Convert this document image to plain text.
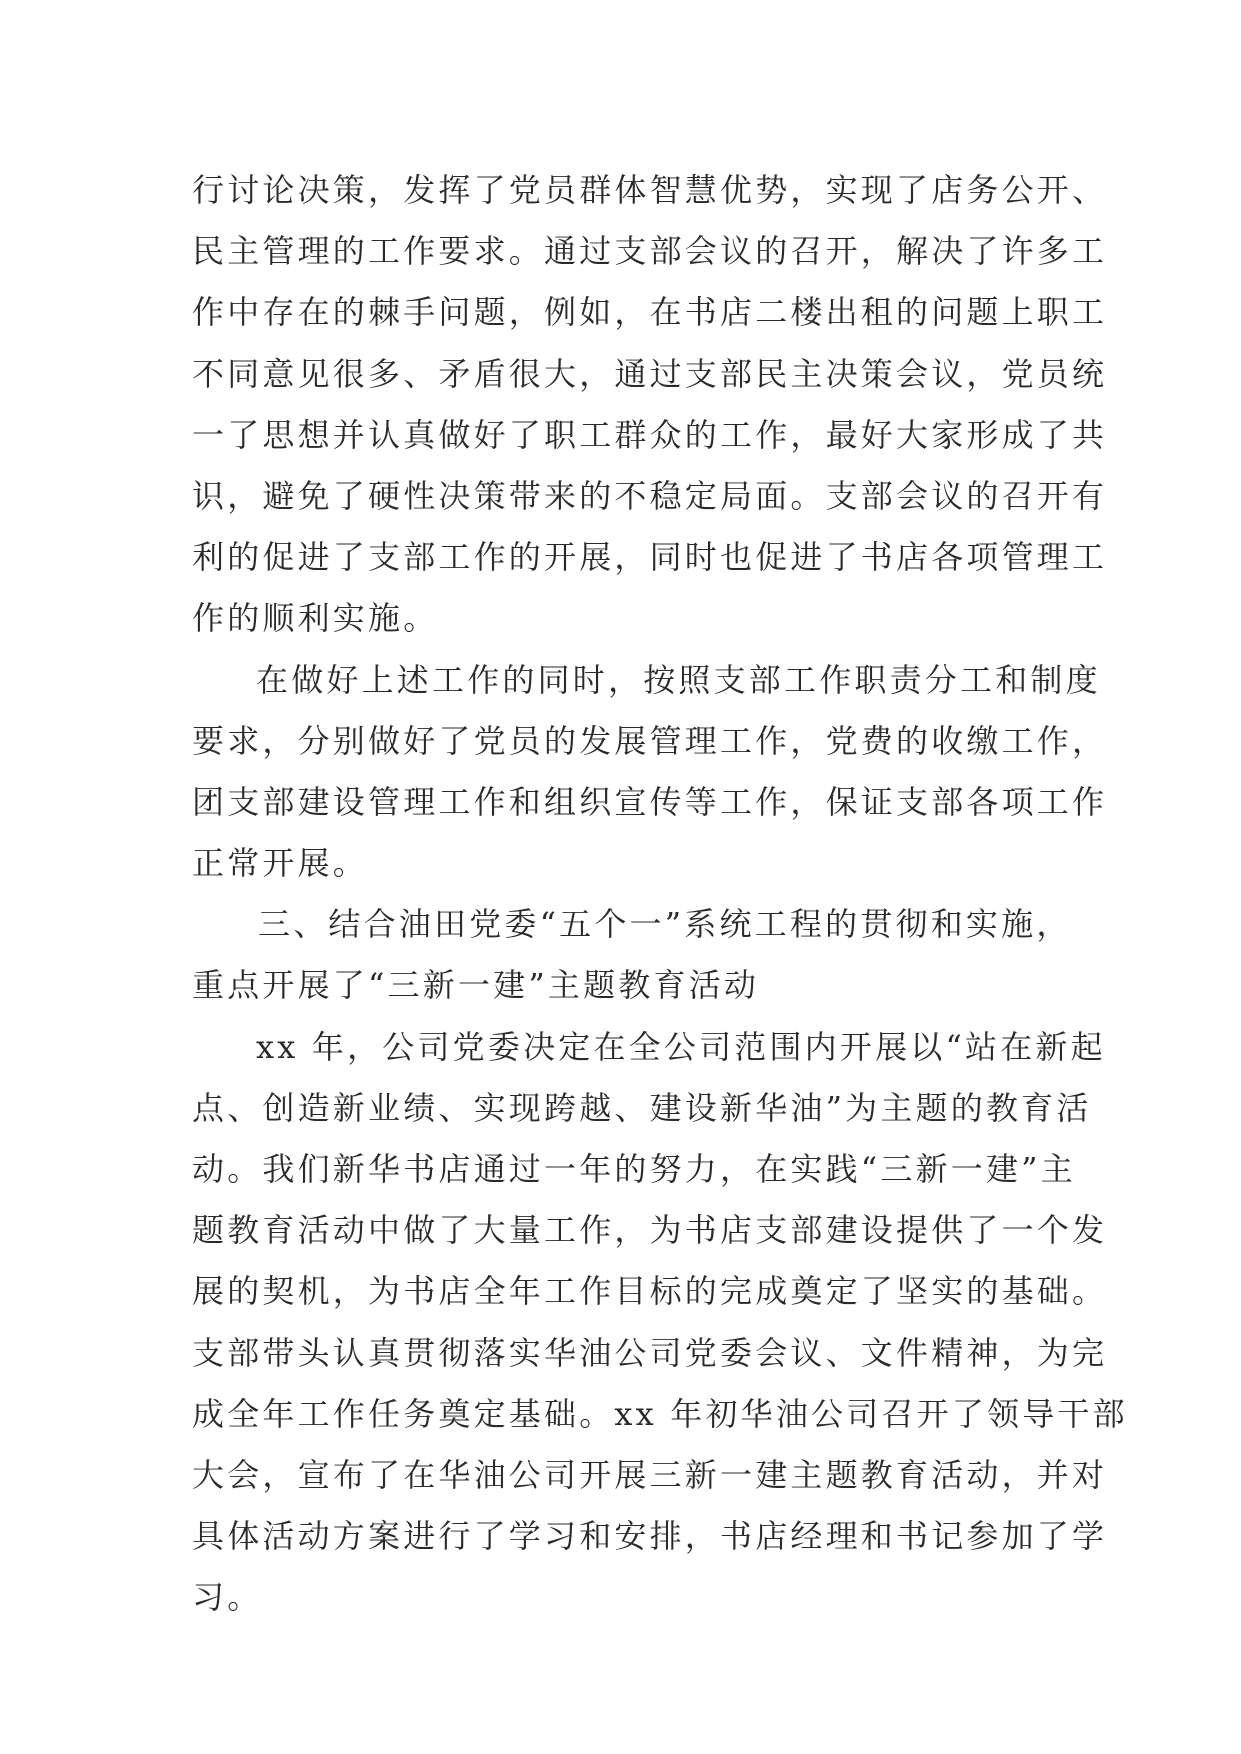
行讨论决策，发挥了党员群体智慧优势，实现了店务公开、
民主管理的工作要求。通过支部会议的召开，解决了许多工
作中存在的棘手问题，例如，在书店二楼出租的问题上职工
不同意见很多、矛盾很大，通过支部民主决策会议，党员统
一了思想并认真做好了职工群众的工作，最好大家形成了共
识，避免了硬性决策带来的不稳定局面。支部会议的召开有
利的促进了支部工作的开展，同时也促进了书店各项管理工
作的顺利实施。
在做好上述工作的同时，按照支部工作职责分工和制度
要求，分别做好了党员的发展管理工作，党费的收缴工作，
团支部建设管理工作和组织宣传等工作，保证支部各项工作
正常开展。
三、结合油田党委“五个一”系统工程的贯彻和实施，
重点开展了“三新一建”主题教育活动
xx 年，公司党委决定在全公司范围内开展以“站在新起
点、创造新业绩、实现跨越、建设新华油”为主题的教育活
动。我们新华书店通过一年的努力，在实践“三新一建”主
题教育活动中做了大量工作，为书店支部建设提供了一个发
展的契机，为书店全年工作目标的完成奠定了坚实的基础。
支部带头认真贯彻落实华油公司党委会议、文件精神，为完
成全年工作任务奠定基础。xx 年初华油公司召开了领导干部
大会，宣布了在华油公司开展三新一建主题教育活动，并对
具体活动方案进行了学习和安排，书店经理和书记参加了学
习。
